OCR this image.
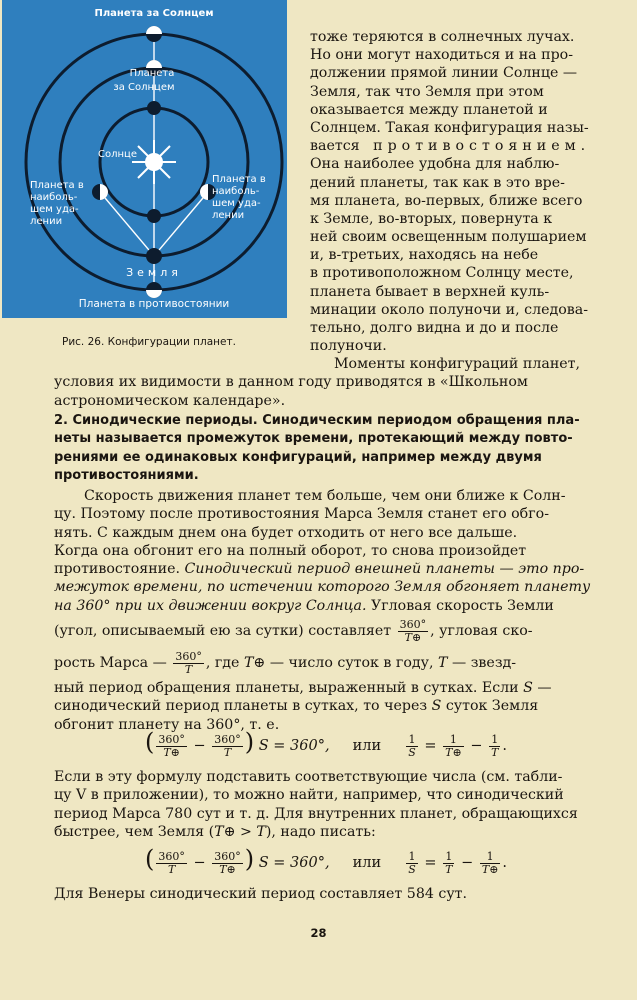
Планета за Солнцем
Планета
за Солнцем
Солнце
Планета в
наиболь-
шем уда-
лении
Планета в
наиболь-
шем уда-
лении
Земля
Планета в противостоянии
Рис. 26. Конфигурации планет.
тоже теряются в солнечных лучах.
Но они могут находиться и на про-
должении прямой линии Солнце —
Земля, так что Земля при этом
оказывается между планетой и
Солнцем. Такая конфигурация назы-
вается противостоянием.
Она наиболее удобна для наблю-
дений планеты, так как в это вре-
мя планета, во-первых, ближе всего
к Земле, во-вторых, повернута к
ней своим освещенным полушарием
и, в-третьих, находясь на небе
в противоположном Солнцу месте,
планета бывает в верхней куль-
минации около полуночи и, следова-
тельно, долго видна и до и после
полуночи.
Моменты конфигураций планет,
условия их видимости в данном году приводятся в «Школьном
астрономическом календаре».
2. Синодические периоды. Синодическим периодом обращения пла-
неты называется промежуток времени, протекающий между повто-
рениями ее одинаковых конфигураций, например между двумя
противостояниями.
Скорость движения планет тем больше, чем они ближе к Солн-
цу. Поэтому после противостояния Марса Земля станет его обго-
нять. С каждым днем она будет отходить от него все дальше.
Когда она обгонит его на полный оборот, то снова произойдет
противостояние. Синодический период внешней планеты — это про-
межуток времени, по истечении которого Земля обгоняет планету
на 360° при их движении вокруг Солнца. Угловая скорость Земли
(угол, описываемый ею за сутки) составляет $\frac{360^\circ}{T\oplus}$ , угловая ско-
рость Марса — $\frac{360^\circ}{T}$ , где T⊕ — число суток в году, T — звезд-
ный период обращения планеты, выраженный в сутках. Если S —
синодический период планеты в сутках, то через S суток Земля
обгонит планету на 360°, т. е.
( $\frac{360^\circ}{T\oplus} - \frac{360^\circ}{T}$ ) S = 360°, или $\frac{1}{S} = \frac{1}{T\oplus} - \frac{1}{T}$ .
Если в эту формулу подставить соответствующие числа (см. табли-
цу V в приложении), то можно найти, например, что синодический
период Марса 780 сут и т. д. Для внутренних планет, обращающихся
быстрее, чем Земля (T⊕ > T), надо писать:
( $\frac{360^\circ}{T} - \frac{360^\circ}{T\oplus}$ ) S = 360°, или $\frac{1}{S} = \frac{1}{T} - \frac{1}{T\oplus}$ .
Для Венеры синодический период составляет 584 сут.
28
